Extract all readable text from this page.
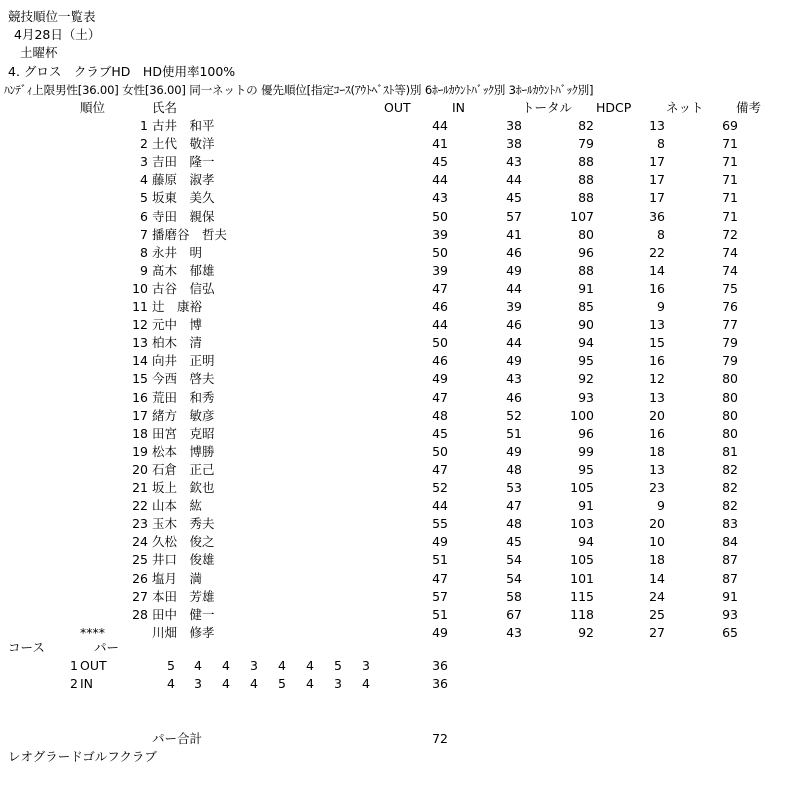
競技順位一覧表
4月28日（土）
土曜杯
4. グロス　クラブHD　HD使用率100%
ﾊﾝﾃﾞｨ上限男性[36.00] 女性[36.00] 同一ネットの 優先順位[指定ｺｰｽ(ｱｳﾄﾍﾞｽﾄ等)別 6ﾎｰﾙｶｳﾝﾄﾊﾞｯｸ別 3ﾎｰﾙｶｳﾝﾄﾊﾞｯｸ別]
順位	氏名	OUT	IN	トータル HDCP	ネット	備考
1 古井　和平	44	38	82	13	69
2 土代　敬洋	41	38	79	8	71
3 吉田　隆一	45	43	88	17	71
4 藤原　淑孝	44	44	88	17	71
5 坂東　美久	43	45	88	17	71
6 寺田　親保	50	57	107	36	71
7 播磨谷　哲夫	39	41	80	8	72
8 永井　明	50	46	96	22	74
9 髙木　郁雄	39	49	88	14	74
10 古谷　信弘	47	44	91	16	75
11 辻　康裕	46	39	85	9	76
12 元中　博	44	46	90	13	77
13 柏木　清	50	44	94	15	79
14 向井　正明	46	49	95	16	79
15 今西　啓夫	49	43	92	12	80
16 荒田　和秀	47	46	93	13	80
17 緒方　敏彦	48	52	100	20	80
18 田宮　克昭	45	51	96	16	80
19 松本　博勝	50	49	99	18	81
20 石倉　正己	47	48	95	13	82
21 坂上　欽也	52	53	105	23	82
22 山本　紘	44	47	91	9	82
23 玉木　秀夫	55	48	103	20	83
24 久松　俊之	49	45	94	10	84
25 井口　俊雄	51	54	105	18	87
26 塩月　満	47	54	101	14	87
27 本田　芳雄	57	58	115	24	91
28 田中　健一	51	67	118	25	93
****	川畑　修孝	49	43	92	27	65
コース	パー
1 OUT	5	4	4	3	4	4	5	3	36
2 IN	4	3	4	4	5	4	3	4	36
パー合計	72
レオグラードゴルフクラブ
